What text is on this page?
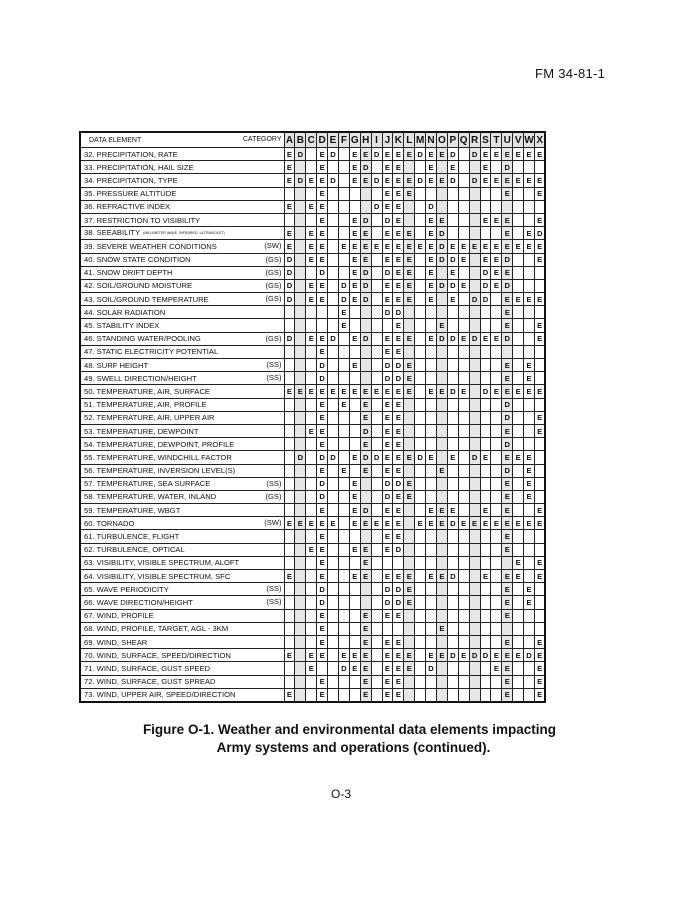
FM 34-81-1
DATA ELEMENT CATEGORY	A	B	C	D	E	F	G	H	I	J	K	L	M	N	O	P	Q	R	S	T	U	V	W	X
32. PRECIPITATION, RATE	E	D		E	D		E	E	D	E	E	E	D	E	E	D		D	E	E	E	E	E	E
33. PRECIPITATION, HAIL SIZE	E			E			E	D		E	E			E		E			E		D			
34. PRECIPITATION, TYPE	E	D	E	E	D		E	E	D	E	E	E	D	E	E	D		D	E	E	E	E	E	E
35. PRESSURE ALTITUDE				E						E	E	E									E			E
36. REFRACTIVE INDEX	E		E	E					D	E	E			D										
37. RESTRICTION TO VISIBILITY				E			E	D		D	E			E	E				E	E	E			E
38. SEEABILITY (MILLIMETER WAVE, INFRARED, ULTRAVIOLET)	E		E	E			E	E		E	E	E		E	D						E		E	D
39. SEVERE WEATHER CONDITIONS (SW)	E		E	E		E	E	E	E	E	E	E	E	E	D	E	E	E	E	E	E	E	E	E
40. SNOW STATE CONDITION (GS)	D		E	E			E	E		E	E	E		E	D	D	E		E	E	D			E
41. SNOW DRIFT DEPTH (GS)	D			D			E	D		D	E	E		E		E			D	E	E			
42. SOIL/GROUND MOISTURE (GS)	D		E	E		D	E	D		E	E	E		E	D	D	E		D	E	D			
43. SOIL/GROUND TEMPERATURE (GS)	D		E	E		D	E	D		E	E	E		E		E		D	D		E	E	E	E
44. SOLAR RADIATION						E				D	D										E			
45. STABILITY INDEX						E					E				E						E			E
46. STANDING WATER/POOLING (GS)	D		E	E	D		E	D		E	E	E		E	D	D	E	D	E	E	D			E
47. STATIC ELECTRICITY POTENTIAL				E						E	E													
48. SURF HEIGHT (SS)				D			E			D	D	E									E		E	
49. SWELL DIRECTION/HEIGHT (SS)				D						D	D	E									E		E	
50. TEMPERATURE, AIR, SURFACE	E	E	E	E	E	E	E	E	E	E	E	E		E	E	D	E		D	E	E	E	E	E
51. TEMPERATURE, AIR, PROFILE				E		E		E		E	E										D			
52. TEMPERATURE, AIR, UPPER AIR				E				E		E	E										D			E
53. TEMPERATURE, DEWPOINT			E	E				D		E	E										E			E
54. TEMPERATURE, DEWPOINT, PROFILE				E				E		E	E										D			
55. TEMPERATURE, WINDCHILL FACTOR		D		D	D		E	D	D	E	E	E	D	E		E		D	E		E	E	E	
56. TEMPERATURE, INVERSION LEVEL(S)				E		E		E		E	E				E						D		E	
57. TEMPERATURE, SEA SURFACE (SS)				D			E			D	D	E									E		E	
58. TEMPERATURE, WATER, INLAND (GS)				D			E			D	E	E									E		E	
59. TEMPERATURE, WBGT				E			E	D		E	E			E	E	E			E		E			E
60. TORNADO (SW)	E	E	E	E	E		E	E	E	E	E		E	E	E	D	E	E	E	E	E	E	E	E
61. TURBULENCE, FLIGHT				E						E	E										E			
62. TURBULENCE, OPTICAL			E	E			E	E		E	D										E			
63. VISIBILITY, VISIBLE SPECTRUM, ALOFT				E				E														E		E
64. VISIBILITY, VISIBLE SPECTRUM, SFC	E			E			E	E		E	E	E		E	E	D			E		E	E		E
65. WAVE PERIODICITY (SS)				D						D	D	E									E		E	
66. WAVE DIRECTION/HEIGHT (SS)				D						D	D	E									E		E	
67. WIND, PROFILE				E				E		E	E										E			
68. WIND, PROFILE, TARGET, AGL - 3KM				E				E							E									
69. WIND, SHEAR				E				E		E	E										E			E
70. WIND, SURFACE, SPEED/DIRECTION	E		E	E		E	E	E		E	E	E		E	E	D	E	D	D	E	E	E	D	E
71. WIND, SURFACE, GUST SPEED			E			D	E	E		E	E	E		D						E	E			E
72. WIND, SURFACE, GUST SPREAD				E				E		E	E										E			E
73. WIND, UPPER AIR, SPEED/DIRECTION	E			E				E		E	E										E			E
Figure O-1. Weather and environmental data elements impacting
Army systems and operations (continued).
O-3
